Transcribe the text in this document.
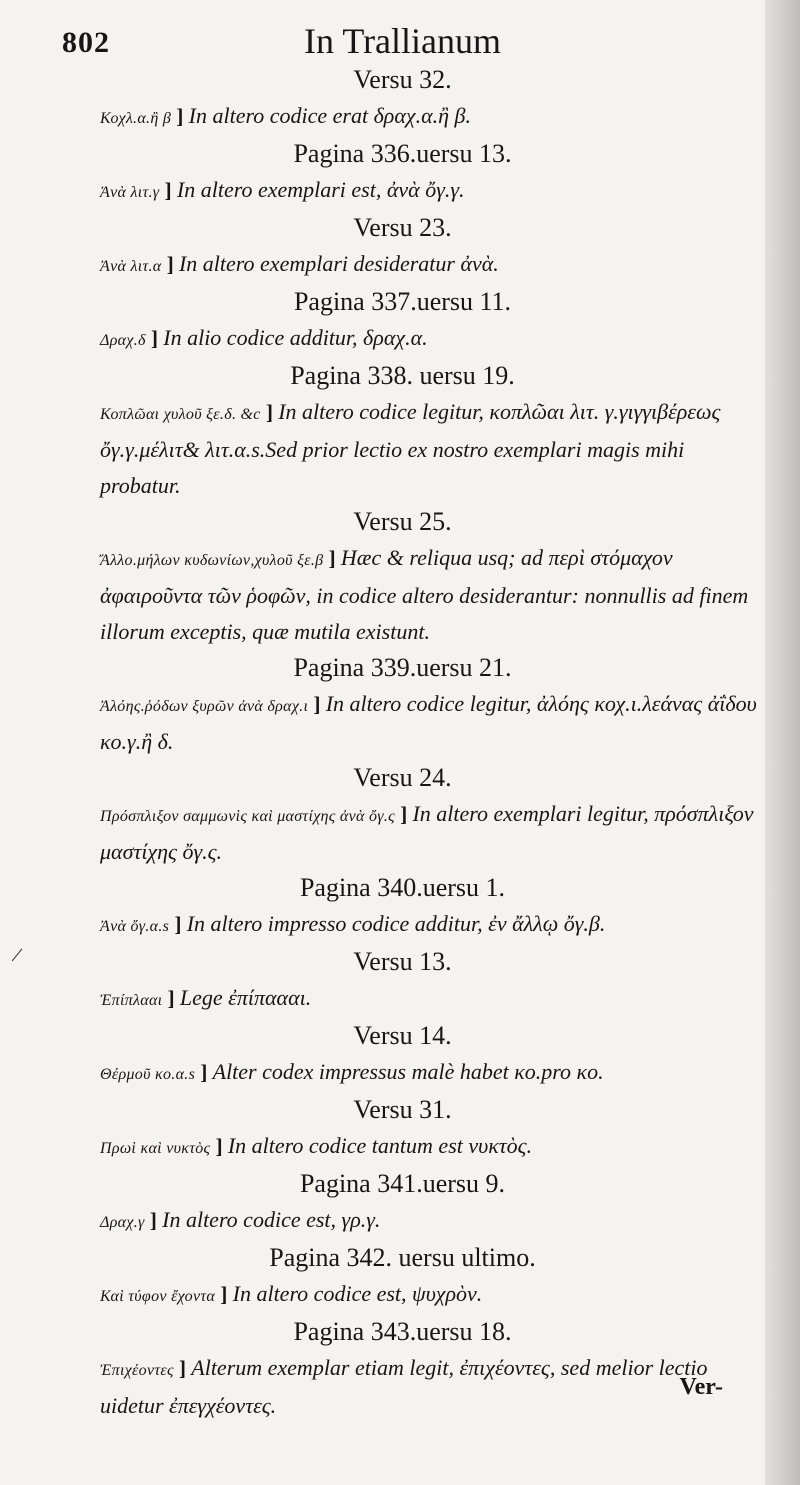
802	In Trallianum
Versu 32.
Κοχλ.α.ἢ β ] In altero codice erat δραχ.α.ἢ β.
Pagina 336.uersu 13.
Ἀνὰ λιτ.γ ] In altero exemplari est, ἀνὰ ὄγ.γ.
Versu 23.
Ἀνὰ λιτ.α ] In altero exemplari desideratur ἀνὰ.
Pagina 337.uersu 11.
Δραχ.δ ] In alio codice additur, δραχ.α.
Pagina 338. uersu 19.
Κοπλῶαι χυλοῦ ξε.δ. &c ] In altero codice legitur, κοπλῶαι λιτ. γ.γιγγιβέρεως ὄγ.γ.μέλιτ& λιτ.α.s.Sed prior lectio ex nostro exemplari magis mihi probatur.
Versu 25.
Ἄλλο.μήλων κυδωνίων,χυλοῦ ξε.β ] Hæc & reliqua usq; ad περὶ στόμαχον ἀφαιροῦντα τῶν ῥοφῶν, in codice altero desiderantur: nonnullis ad finem illorum exceptis, quæ mutila existunt.
Pagina 339.uersu 21.
Ἀλόης.ῥόδων ξυρῶν ἀνὰ δραχ.ι ] In altero codice legitur, ἀλόης κοχ.ι.λεάνας ἀΐδου κο.γ.ἢ δ.
Versu 24.
Πρόσπλιξον σαμμωνὶς καὶ μαστίχης ἀνὰ ὄγ.ς ] In altero exemplari legitur, πρόσπλιξον μαστίχης ὄγ.ς.
Pagina 340.uersu 1.
Ἀνὰ ὄγ.α.s ] In altero impresso codice additur, ἐν ἄλλῳ ὄγ.β.
Versu 13.
Ἐπίπλααι ] Lege ἐπίπαααι.
Versu 14.
Θέρμοῦ κο.α.s ] Alter codex impressus malè habet κο.pro κο.
Versu 31.
Πρωὶ καὶ νυκτὸς ] In altero codice tantum est νυκτὸς.
Pagina 341.uersu 9.
Δραχ.γ ] In altero codice est, γρ.γ.
Pagina 342. uersu ultimo.
Καὶ τύφον ἔχοντα ] In altero codice est, ψυχρὸν.
Pagina 343.uersu 18.
Ἐπιχέοντες ] Alterum exemplar etiam legit, ἐπιχέοντες, sed melior lectio uidetur ἐπεγχέοντες.
Ver-
/
